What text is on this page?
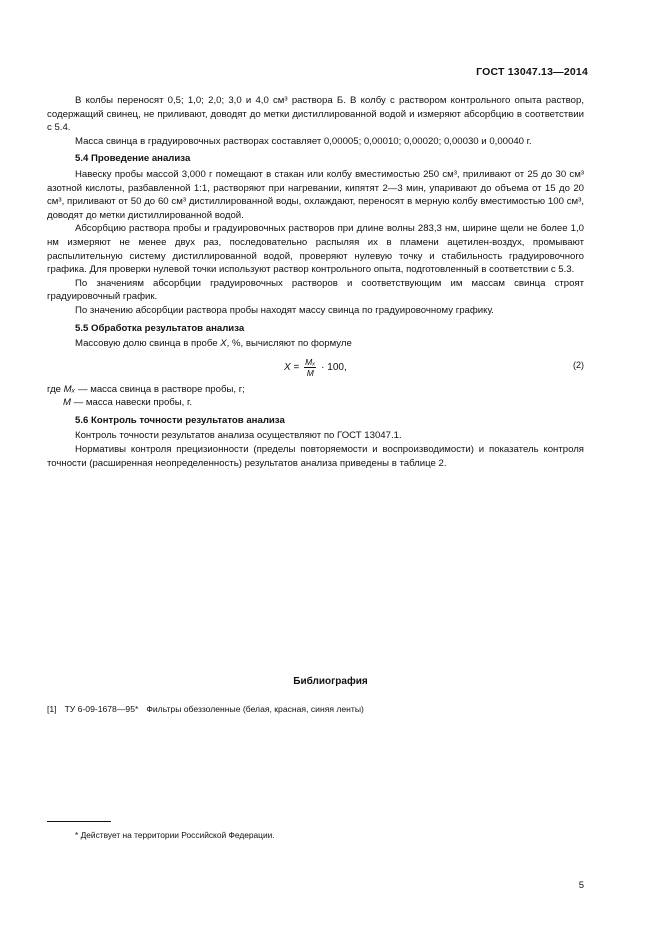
ГОСТ 13047.13—2014

В колбы переносят 0,5; 1,0; 2,0; 3,0 и 4,0 см³ раствора Б. В колбу с раствором контрольного опыта раствор, содержащий свинец, не приливают, доводят до метки дистиллированной водой и измеряют абсорбцию в соответствии с 5.4.

Масса свинца в градуировочных растворах составляет 0,00005; 0,00010; 0,00020; 0,00030 и 0,00040 г.

5.4 Проведение анализа

Навеску пробы массой 3,000 г помещают в стакан или колбу вместимостью 250 см³, приливают от 25 до 30 см³ азотной кислоты, разбавленной 1:1, растворяют при нагревании, кипятят 2—3 мин, упаривают до объема от 15 до 20 см³, приливают от 50 до 60 см³ дистиллированной воды, охлаждают, переносят в мерную колбу вместимостью 100 см³, доводят до метки дистиллированной водой.

Абсорбцию раствора пробы и градуировочных растворов при длине волны 283,3 нм, ширине щели не более 1,0 нм измеряют не менее двух раз, последовательно распыляя их в пламени ацетилен-воздух, промывают распылительную систему дистиллированной водой, проверяют нулевую точку и стабильность градуировочного графика. Для проверки нулевой точки используют раствор контрольного опыта, подготовленный в соответствии с 5.3.

По значениям абсорбции градуировочных растворов и соответствующим им массам свинца строят градуировочный график.

По значению абсорбции раствора пробы находят массу свинца по градуировочному графику.

5.5 Обработка результатов анализа

Массовую долю свинца в пробе X, %, вычисляют по формуле

$X = \frac{\text{Mₓ}}{M} \cdot 100$,	(2)

где Mₓ — масса свинца в растворе пробы, г;

M — масса навески пробы, г.

5.6 Контроль точности результатов анализа

Контроль точности результатов анализа осуществляют по ГОСТ 13047.1.

Нормативы контроля прецизионности (пределы повторяемости и воспроизводимости) и показатель контроля точности (расширенная неопределенность) результатов анализа приведены в таблице 2.

Библиография
[1] ТУ 6-09-1678—95* Фильтры обеззоленные (белая, красная, синяя ленты)
* Действует на территории Российской Федерации.
5
